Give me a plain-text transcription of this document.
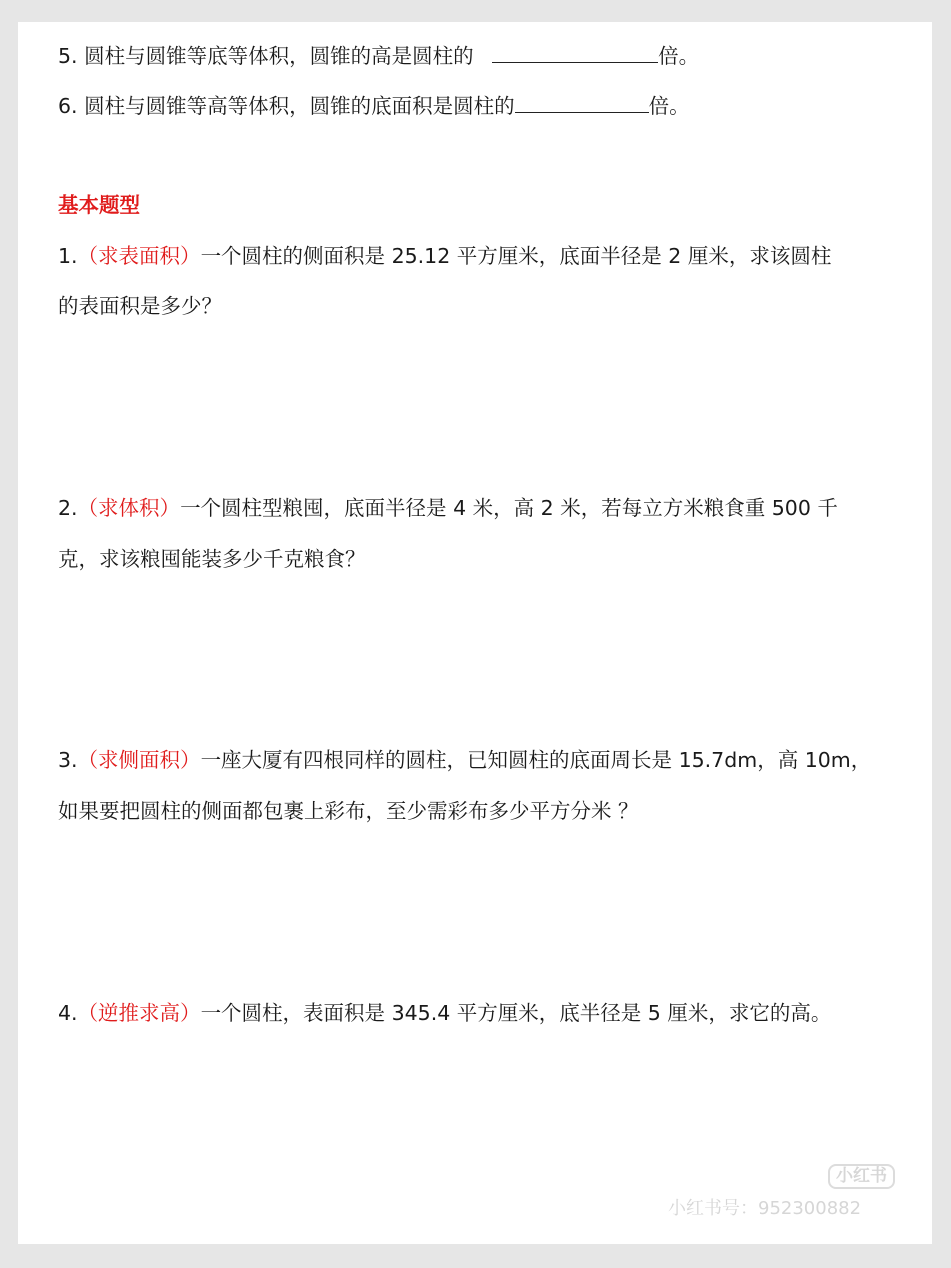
5. 圆柱与圆锥等底等体积，圆锥的高是圆柱的	倍。
6. 圆柱与圆锥等高等体积，圆锥的底面积是圆柱的	倍。
基本题型
1.（求表面积）一个圆柱的侧面积是 25.12 平方厘米，底面半径是 2 厘米，求该圆柱
的表面积是多少？
2.（求体积）一个圆柱型粮囤，底面半径是 4 米，高 2 米，若每立方米粮食重 500 千
克，求该粮囤能装多少千克粮食？
3.（求侧面积）一座大厦有四根同样的圆柱，已知圆柱的底面周长是 15.7dm，高 10m，
如果要把圆柱的侧面都包裹上彩布，至少需彩布多少平方分米 ？
4.（逆推求高）一个圆柱，表面积是 345.4 平方厘米，底半径是 5 厘米，求它的高。
小红书
小红书号：952300882
